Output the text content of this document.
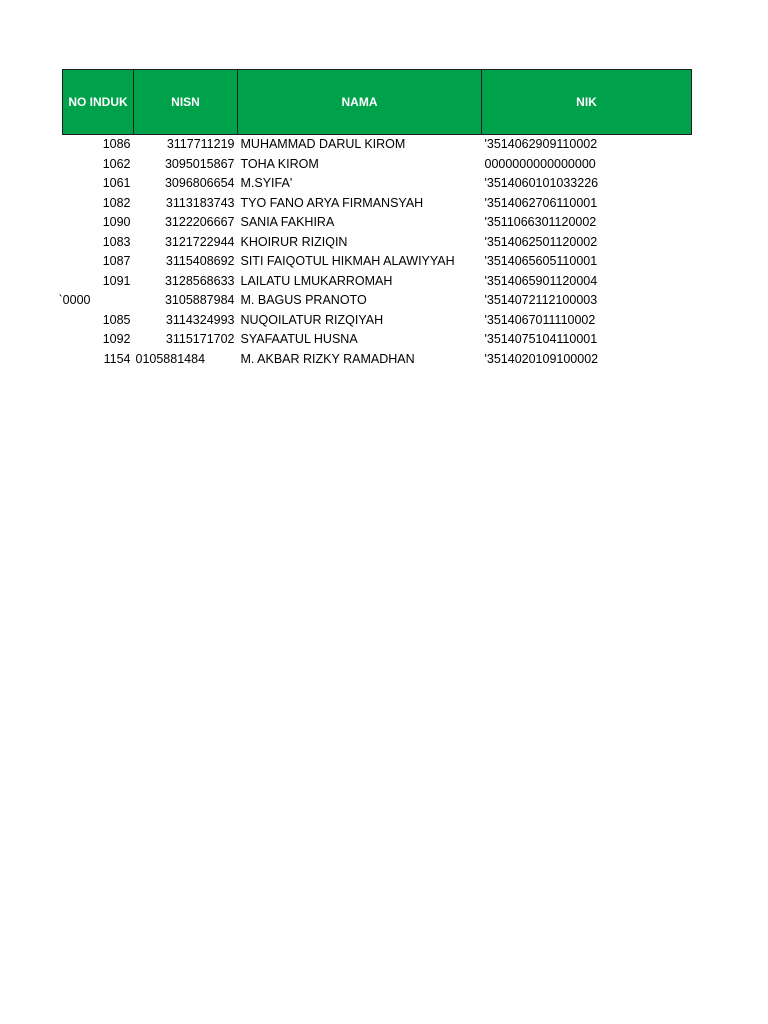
NO INDUK	NISN	NAMA	NIK
1086	3117711219	MUHAMMAD DARUL KIROM	'3514062909110002
1062	3095015867	TOHA KIROM	0000000000000000
1061	3096806654	M.SYIFA'	'3514060101033226
1082	3113183743	TYO FANO ARYA FIRMANSYAH	'3514062706110001
1090	3122206667	SANIA FAKHIRA	'3511066301120002
1083	3121722944	KHOIRUR RIZIQIN	'3514062501120002
1087	3115408692	SITI FAIQOTUL HIKMAH ALAWIYYAH	'3514065605110001
1091	3128568633	LAILATU LMUKARROMAH	'3514065901120004
`0000	3105887984	M. BAGUS PRANOTO	'3514072112100003
1085	3114324993	NUQOILATUR RIZQIYAH	'3514067011110002
1092	3115171702	SYAFAATUL HUSNA	'3514075104110001
1154	0105881484	M. AKBAR RIZKY RAMADHAN	'3514020109100002
